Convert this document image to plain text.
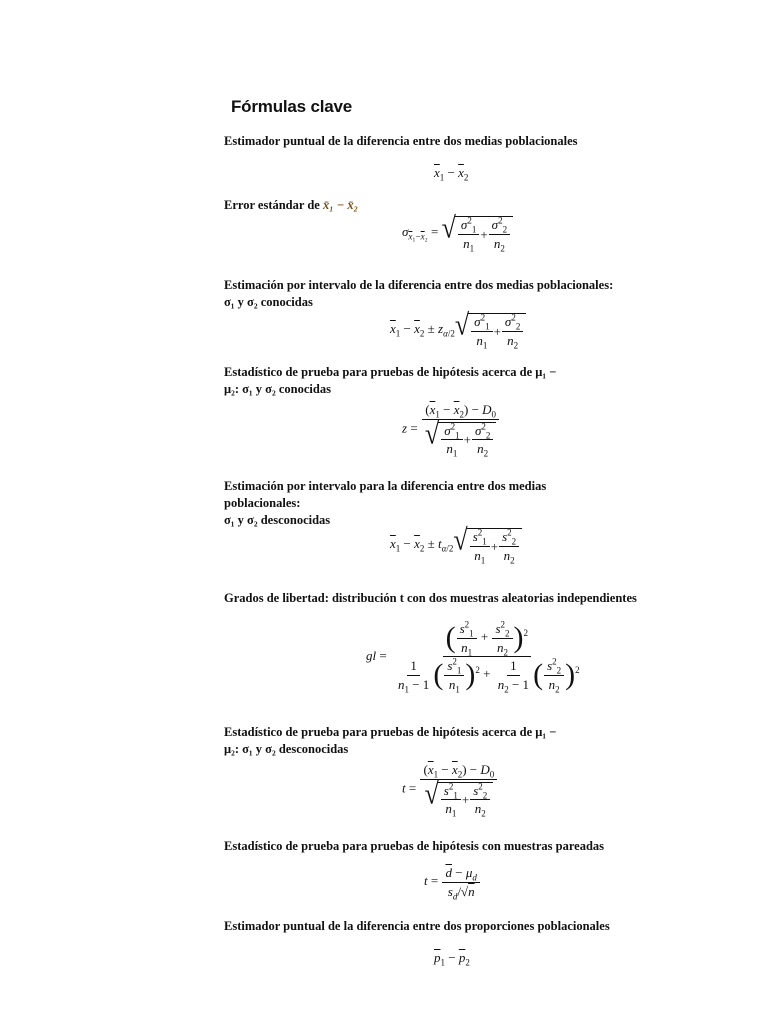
Fórmulas clave
Estimador puntual de la diferencia entre dos medias poblacionales
$\overline{x}_1 - \overline{x}_2$
Error estándar de x̄₁ − x̄₂
$\sigma_{\overline{x}_1-\overline{x}_2}$ = √ $\frac{\sigma^2_1}{n_1} + \frac{\sigma^2_2}{n_2}$
Estimación por intervalo de la diferencia entre dos medias poblacionales:
σ₁ y σ₂ conocidas
$\overline{x}_1 - \overline{x}_2 \pm z_{\alpha/2}$ √ $\frac{\sigma^2_1}{n_1} + \frac{\sigma^2_2}{n_2}$
Estadístico de prueba para pruebas de hipótesis acerca de μ₁ −
μ₂: σ₁ y σ₂ conocidas
$z = \frac{(\overline{x}_1 - \overline{x}_2) - D_0}{√ \frac{\sigma^2_1}{n_1} + \frac{\sigma^2_2}{n_2}}$
Estimación por intervalo para la diferencia entre dos medias poblacionales:
σ₁ y σ₂ desconocidas
$\overline{x}_1 - \overline{x}_2 \pm t_{\alpha/2}$ √ $\frac{s^2_1}{n_1} + \frac{s^2_2}{n_2}$
Grados de libertad: distribución t con dos muestras aleatorias independientes
gl = $\frac{( \frac{s^2_1}{n_1} + \frac{s^2_2}{n_2} )^2}{\frac{1}{n_1 - 1} ( \frac{s^2_1}{n_1} )^2 + \frac{1}{n_2 - 1} ( \frac{s^2_2}{n_2} )^2}$
Estadístico de prueba para pruebas de hipótesis acerca de μ₁ −
μ₂: σ₁ y σ₂ desconocidas
$t = \frac{(\overline{x}_1 - \overline{x}_2) - D_0}{√ \frac{s^2_1}{n_1} + \frac{s^2_2}{n_2}}$
Estadístico de prueba para pruebas de hipótesis con muestras pareadas
$t = \frac{\overline{d} - \mu_d}{s_d/√n}$
Estimador puntual de la diferencia entre dos proporciones poblacionales
$\overline{p}_1 - \overline{p}_2$
